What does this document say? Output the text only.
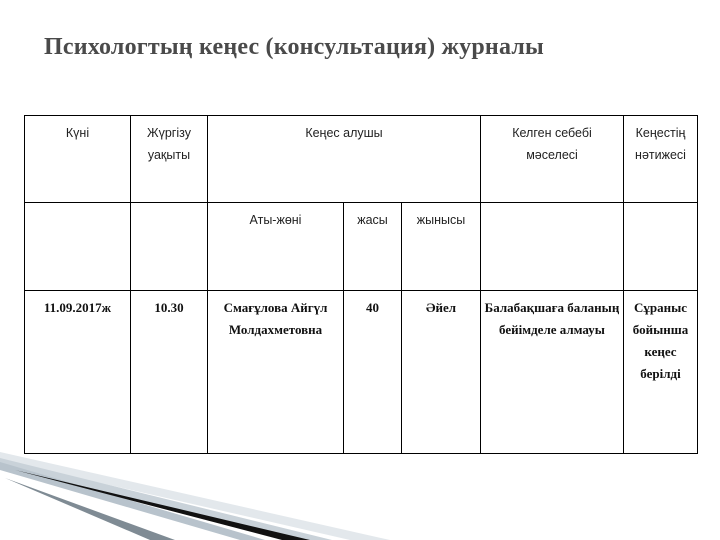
Психологтың кеңес (консультация) журналы
Күні	Жүргізу уақыты	Кеңес алушы			Келген себебі мәселесі	Кеңестің нәтижесі
		Аты-жөні	жасы	жынысы		
11.09.2017ж	10.30	Смағұлова Айгүл Молдахметовна	40	Әйел	Балабақшаға баланың бейімделе алмауы	Сұраныс бойынша кеңес берілді
